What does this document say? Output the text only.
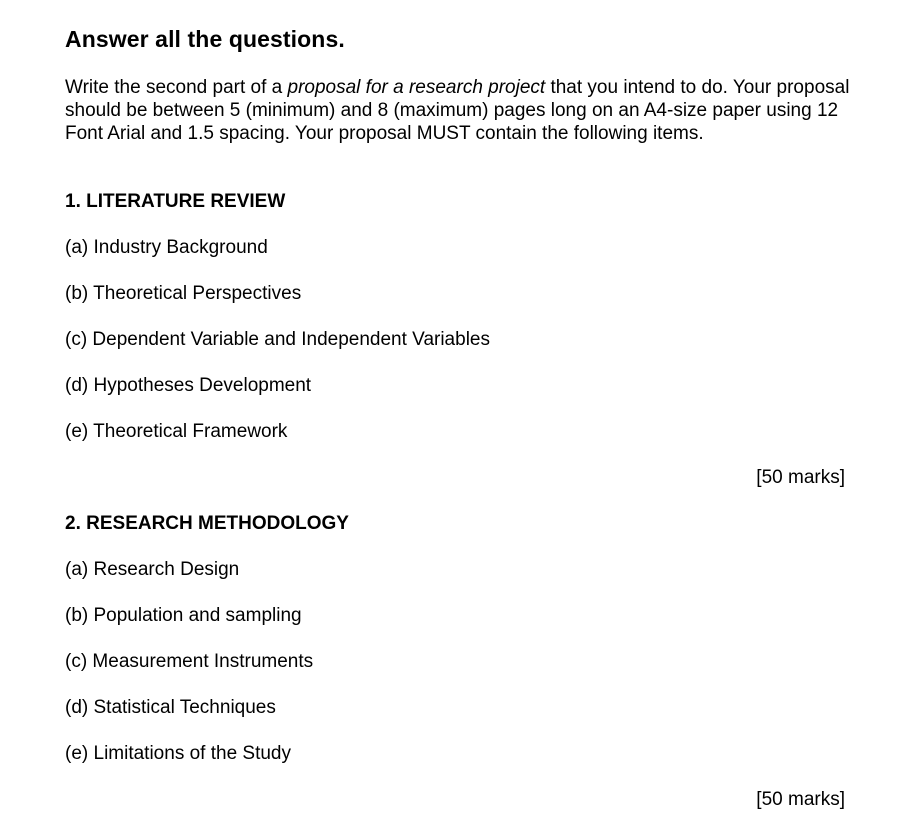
Answer all the questions.
Write the second part of a proposal for a research project that you intend to do. Your proposal should be between 5 (minimum) and 8 (maximum) pages long on an A4-size paper using 12 Font Arial and 1.5 spacing. Your proposal MUST contain the following items.
1. LITERATURE REVIEW
(a) Industry Background
(b) Theoretical Perspectives
(c) Dependent Variable and Independent Variables
(d) Hypotheses Development
(e) Theoretical Framework
[50 marks]
2. RESEARCH METHODOLOGY
(a) Research Design
(b) Population and sampling
(c) Measurement Instruments
(d) Statistical Techniques
(e) Limitations of the Study
[50 marks]
